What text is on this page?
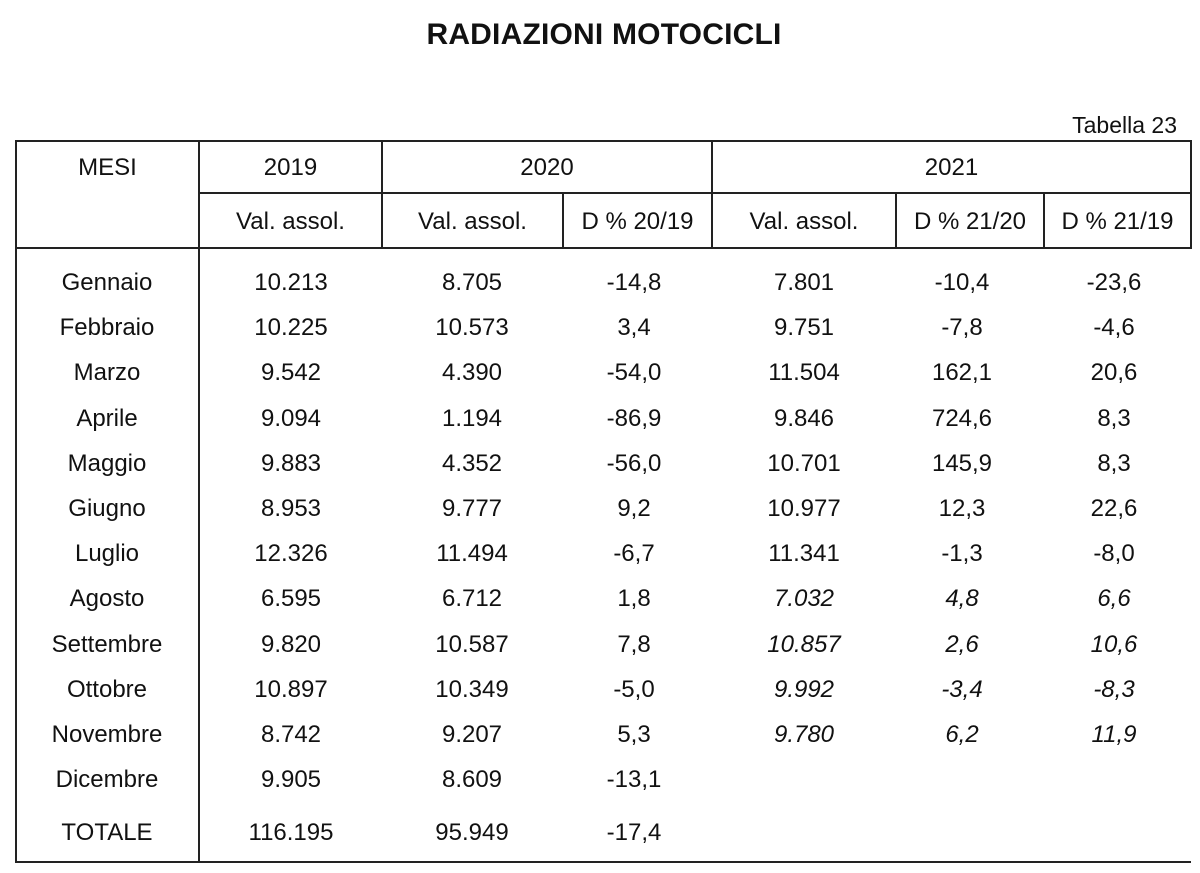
RADIAZIONI MOTOCICLI
Tabella 23
MESI	2019	2020	2021
Val. assol.	Val. assol.	D % 20/19	Val. assol.	D % 21/20	D % 21/19
Gennaio	10.213	8.705	-14,8	7.801	-10,4	-23,6
Febbraio	10.225	10.573	3,4	9.751	-7,8	-4,6
Marzo	9.542	4.390	-54,0	11.504	162,1	20,6
Aprile	9.094	1.194	-86,9	9.846	724,6	8,3
Maggio	9.883	4.352	-56,0	10.701	145,9	8,3
Giugno	8.953	9.777	9,2	10.977	12,3	22,6
Luglio	12.326	11.494	-6,7	11.341	-1,3	-8,0
Agosto	6.595	6.712	1,8	7.032	4,8	6,6
Settembre	9.820	10.587	7,8	10.857	2,6	10,6
Ottobre	10.897	10.349	-5,0	9.992	-3,4	-8,3
Novembre	8.742	9.207	5,3	9.780	6,2	11,9
Dicembre	9.905	8.609	-13,1
TOTALE	116.195	95.949	-17,4
